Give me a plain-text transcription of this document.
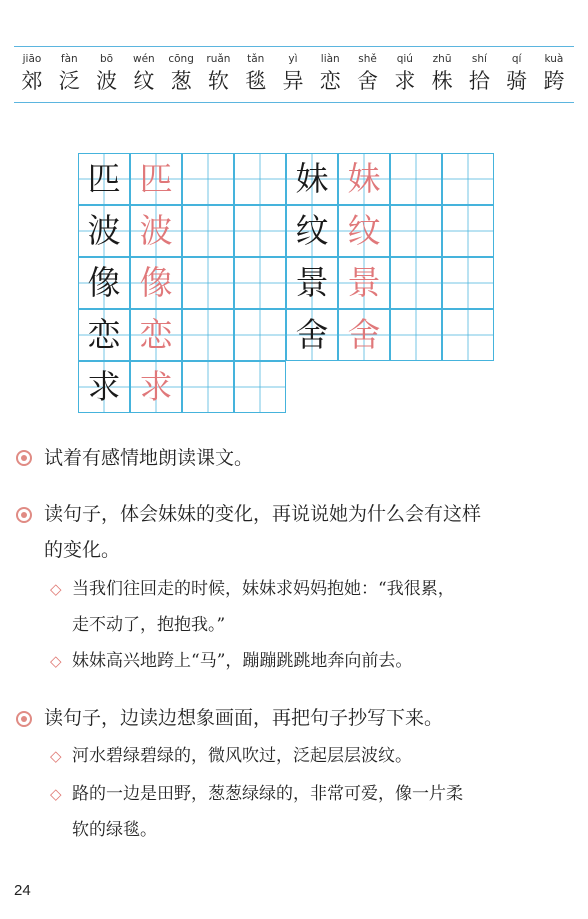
jiāo
郊
fàn
泛
bō
波
wén
纹
cōng
葱
ruǎn
软
tǎn
毯
yì
异
liàn
恋
shě
舍
qiú
求
zhū
株
shí
拾
qí
骑
kuà
跨
匹 匹
波 波
像 像
恋 恋
求 求
妹 妹
纹 纹
景 景
舍 舍
试着有感情地朗读课文。
读句子，体会妹妹的变化，再说说她为什么会有这样
的变化。
◇ 当我们往回走的时候，妹妹求妈妈抱她：“我很累，
走不动了，抱抱我。”
◇ 妹妹高兴地跨上“马”，蹦蹦跳跳地奔向前去。
读句子，边读边想象画面，再把句子抄写下来。
◇ 河水碧绿碧绿的，微风吹过，泛起层层波纹。
◇ 路的一边是田野，葱葱绿绿的，非常可爱，像一片柔
软的绿毯。
24
